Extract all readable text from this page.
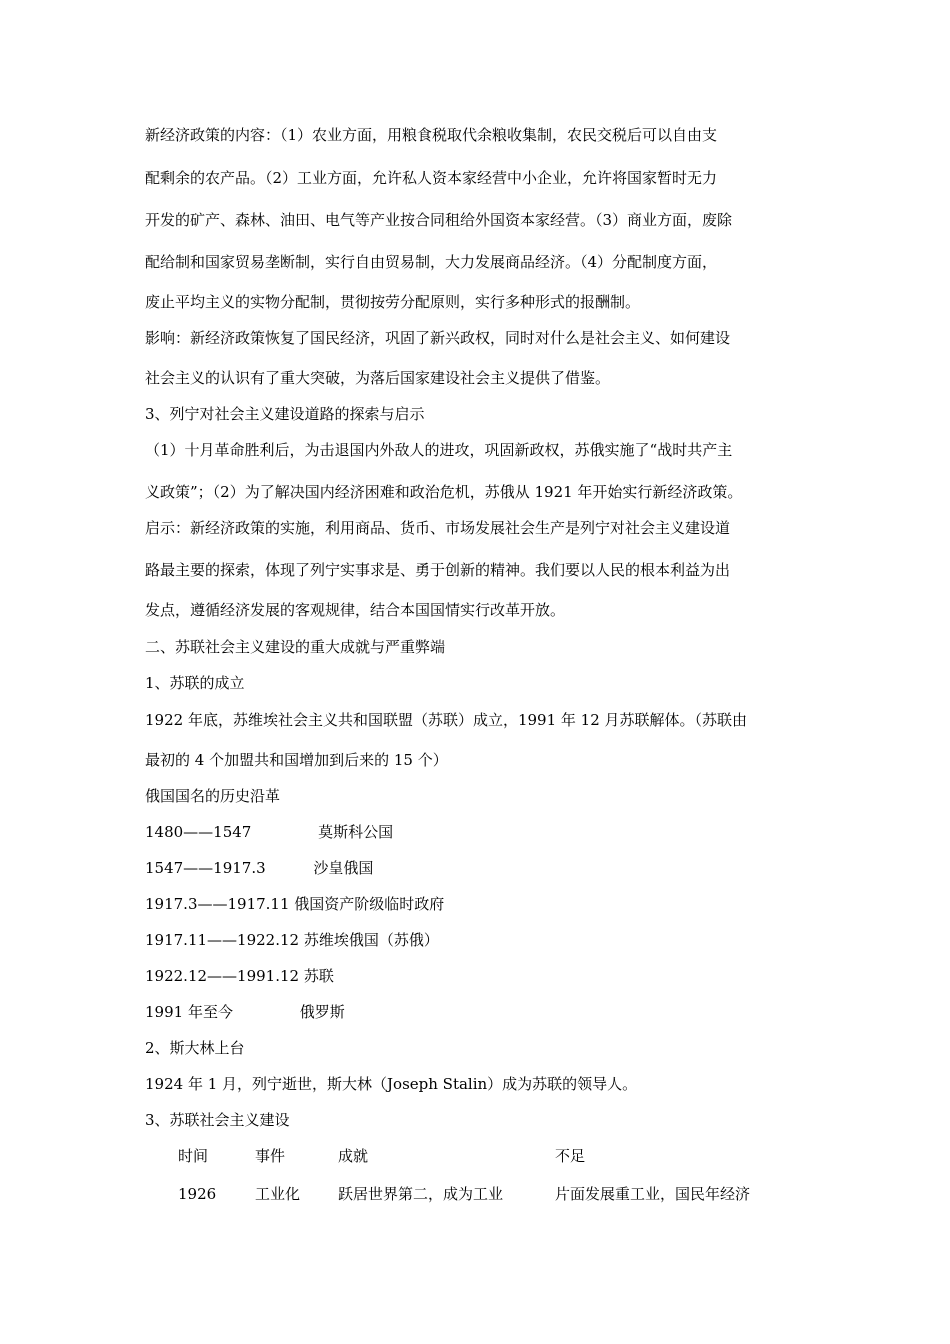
新经济政策的内容：（1）农业方面，用粮食税取代余粮收集制，农民交税后可以自由支
配剩余的农产品。（2）工业方面，允许私人资本家经营中小企业，允许将国家暂时无力
开发的矿产、森林、油田、电气等产业按合同租给外国资本家经营。（3）商业方面，废除
配给制和国家贸易垄断制，实行自由贸易制，大力发展商品经济。（4）分配制度方面，
废止平均主义的实物分配制，贯彻按劳分配原则，实行多种形式的报酬制。
影响：新经济政策恢复了国民经济，巩固了新兴政权，同时对什么是社会主义、如何建设
社会主义的认识有了重大突破，为落后国家建设社会主义提供了借鉴。
3、列宁对社会主义建设道路的探索与启示
（1）十月革命胜利后，为击退国内外敌人的进攻，巩固新政权，苏俄实施了“战时共产主
义政策”；（2）为了解决国内经济困难和政治危机，苏俄从 1921 年开始实行新经济政策。
启示：新经济政策的实施，利用商品、货币、市场发展社会生产是列宁对社会主义建设道
路最主要的探索，体现了列宁实事求是、勇于创新的精神。我们要以人民的根本利益为出
发点，遵循经济发展的客观规律，结合本国国情实行改革开放。
二、苏联社会主义建设的重大成就与严重弊端
1、苏联的成立
1922 年底，苏维埃社会主义共和国联盟（苏联）成立，1991 年 12 月苏联解体。（苏联由
最初的 4 个加盟共和国增加到后来的 15 个）
俄国国名的历史沿革
1480——1547              莫斯科公国
1547——1917.3          沙皇俄国
1917.3——1917.11 俄国资产阶级临时政府
1917.11——1922.12 苏维埃俄国（苏俄）
1922.12——1991.12 苏联
1991 年至今              俄罗斯
2、斯大林上台
1924 年 1 月，列宁逝世，斯大林（Joseph Stalin）成为苏联的领导人。
3、苏联社会主义建设
时间	事件	成就	不足
1926	工业化	跃居世界第二，成为工业	片面发展重工业，国民年经济
